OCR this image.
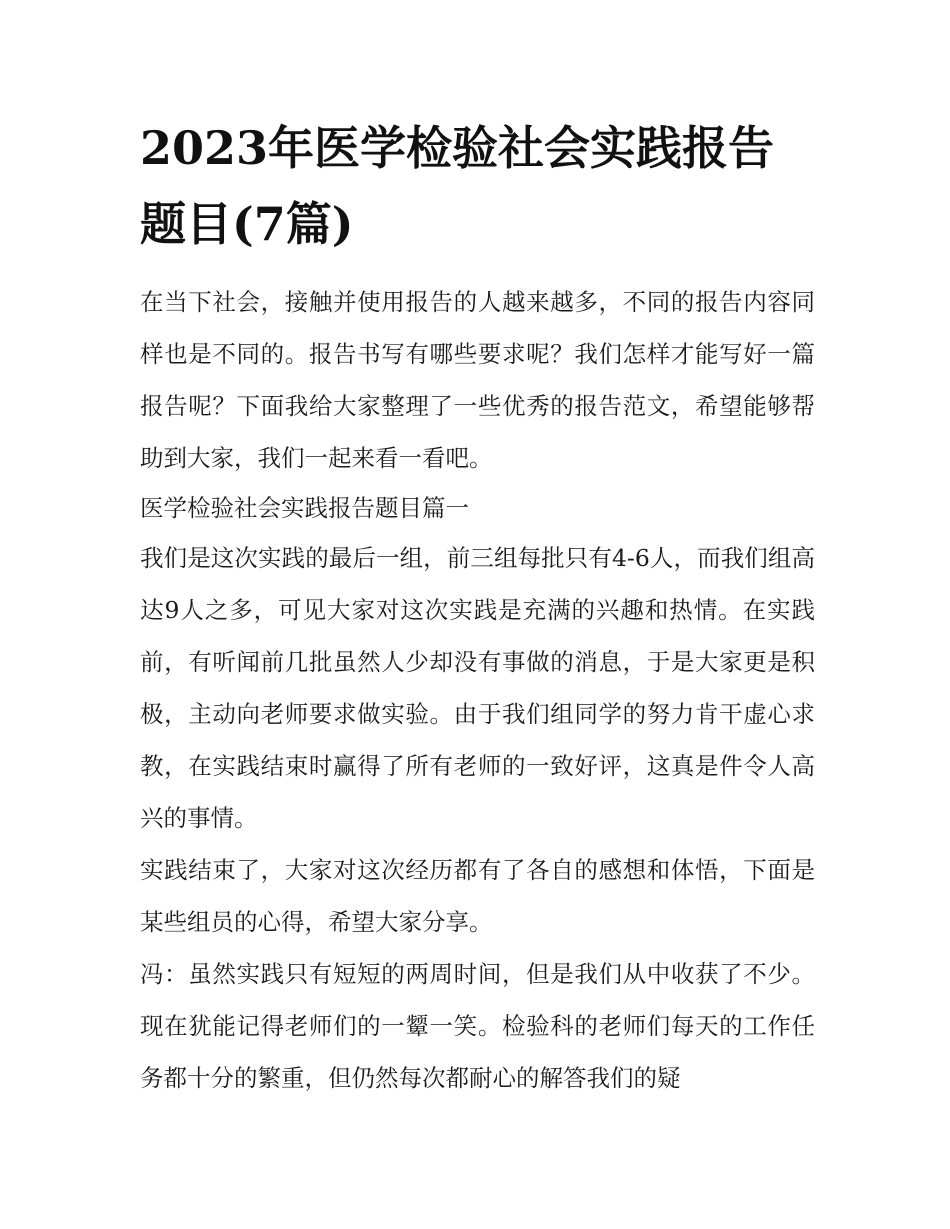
2023年医学检验社会实践报告题目(7篇)

在当下社会，接触并使用报告的人越来越多，不同的报告内容同样也是不同的。报告书写有哪些要求呢？我们怎样才能写好一篇报告呢？下面我给大家整理了一些优秀的报告范文，希望能够帮助到大家，我们一起来看一看吧。

医学检验社会实践报告题目篇一

我们是这次实践的最后一组，前三组每批只有4-6人，而我们组高达9人之多，可见大家对这次实践是充满的兴趣和热情。在实践前，有听闻前几批虽然人少却没有事做的消息，于是大家更是积极，主动向老师要求做实验。由于我们组同学的努力肯干虚心求教，在实践结束时赢得了所有老师的一致好评，这真是件令人高兴的事情。

实践结束了，大家对这次经历都有了各自的感想和体悟，下面是某些组员的心得，希望大家分享。

冯：虽然实践只有短短的两周时间，但是我们从中收获了不少。现在犹能记得老师们的一颦一笑。检验科的老师们每天的工作任务都十分的繁重，但仍然每次都耐心的解答我们的疑
